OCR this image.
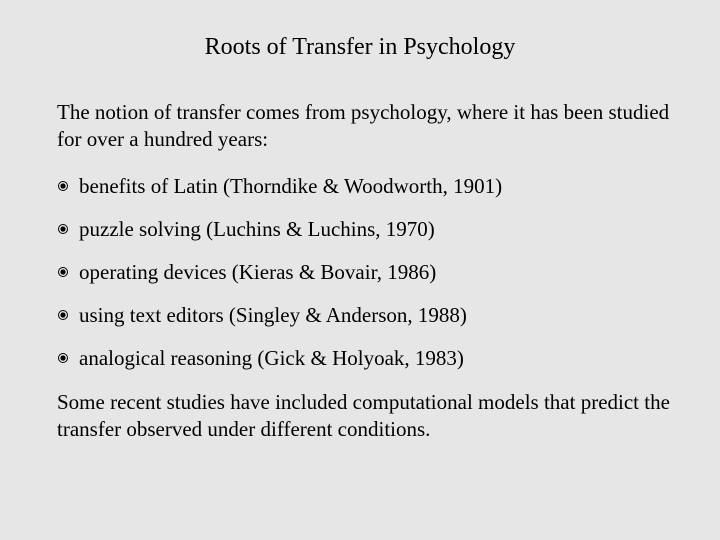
Roots of Transfer in Psychology
The notion of transfer comes from psychology, where it has been studied for over a hundred years:
benefits of Latin (Thorndike & Woodworth, 1901)
puzzle solving (Luchins & Luchins, 1970)
operating devices (Kieras & Bovair, 1986)
using text editors (Singley & Anderson, 1988)
analogical reasoning (Gick & Holyoak, 1983)
Some recent studies have included computational models that predict the transfer observed under different conditions.
